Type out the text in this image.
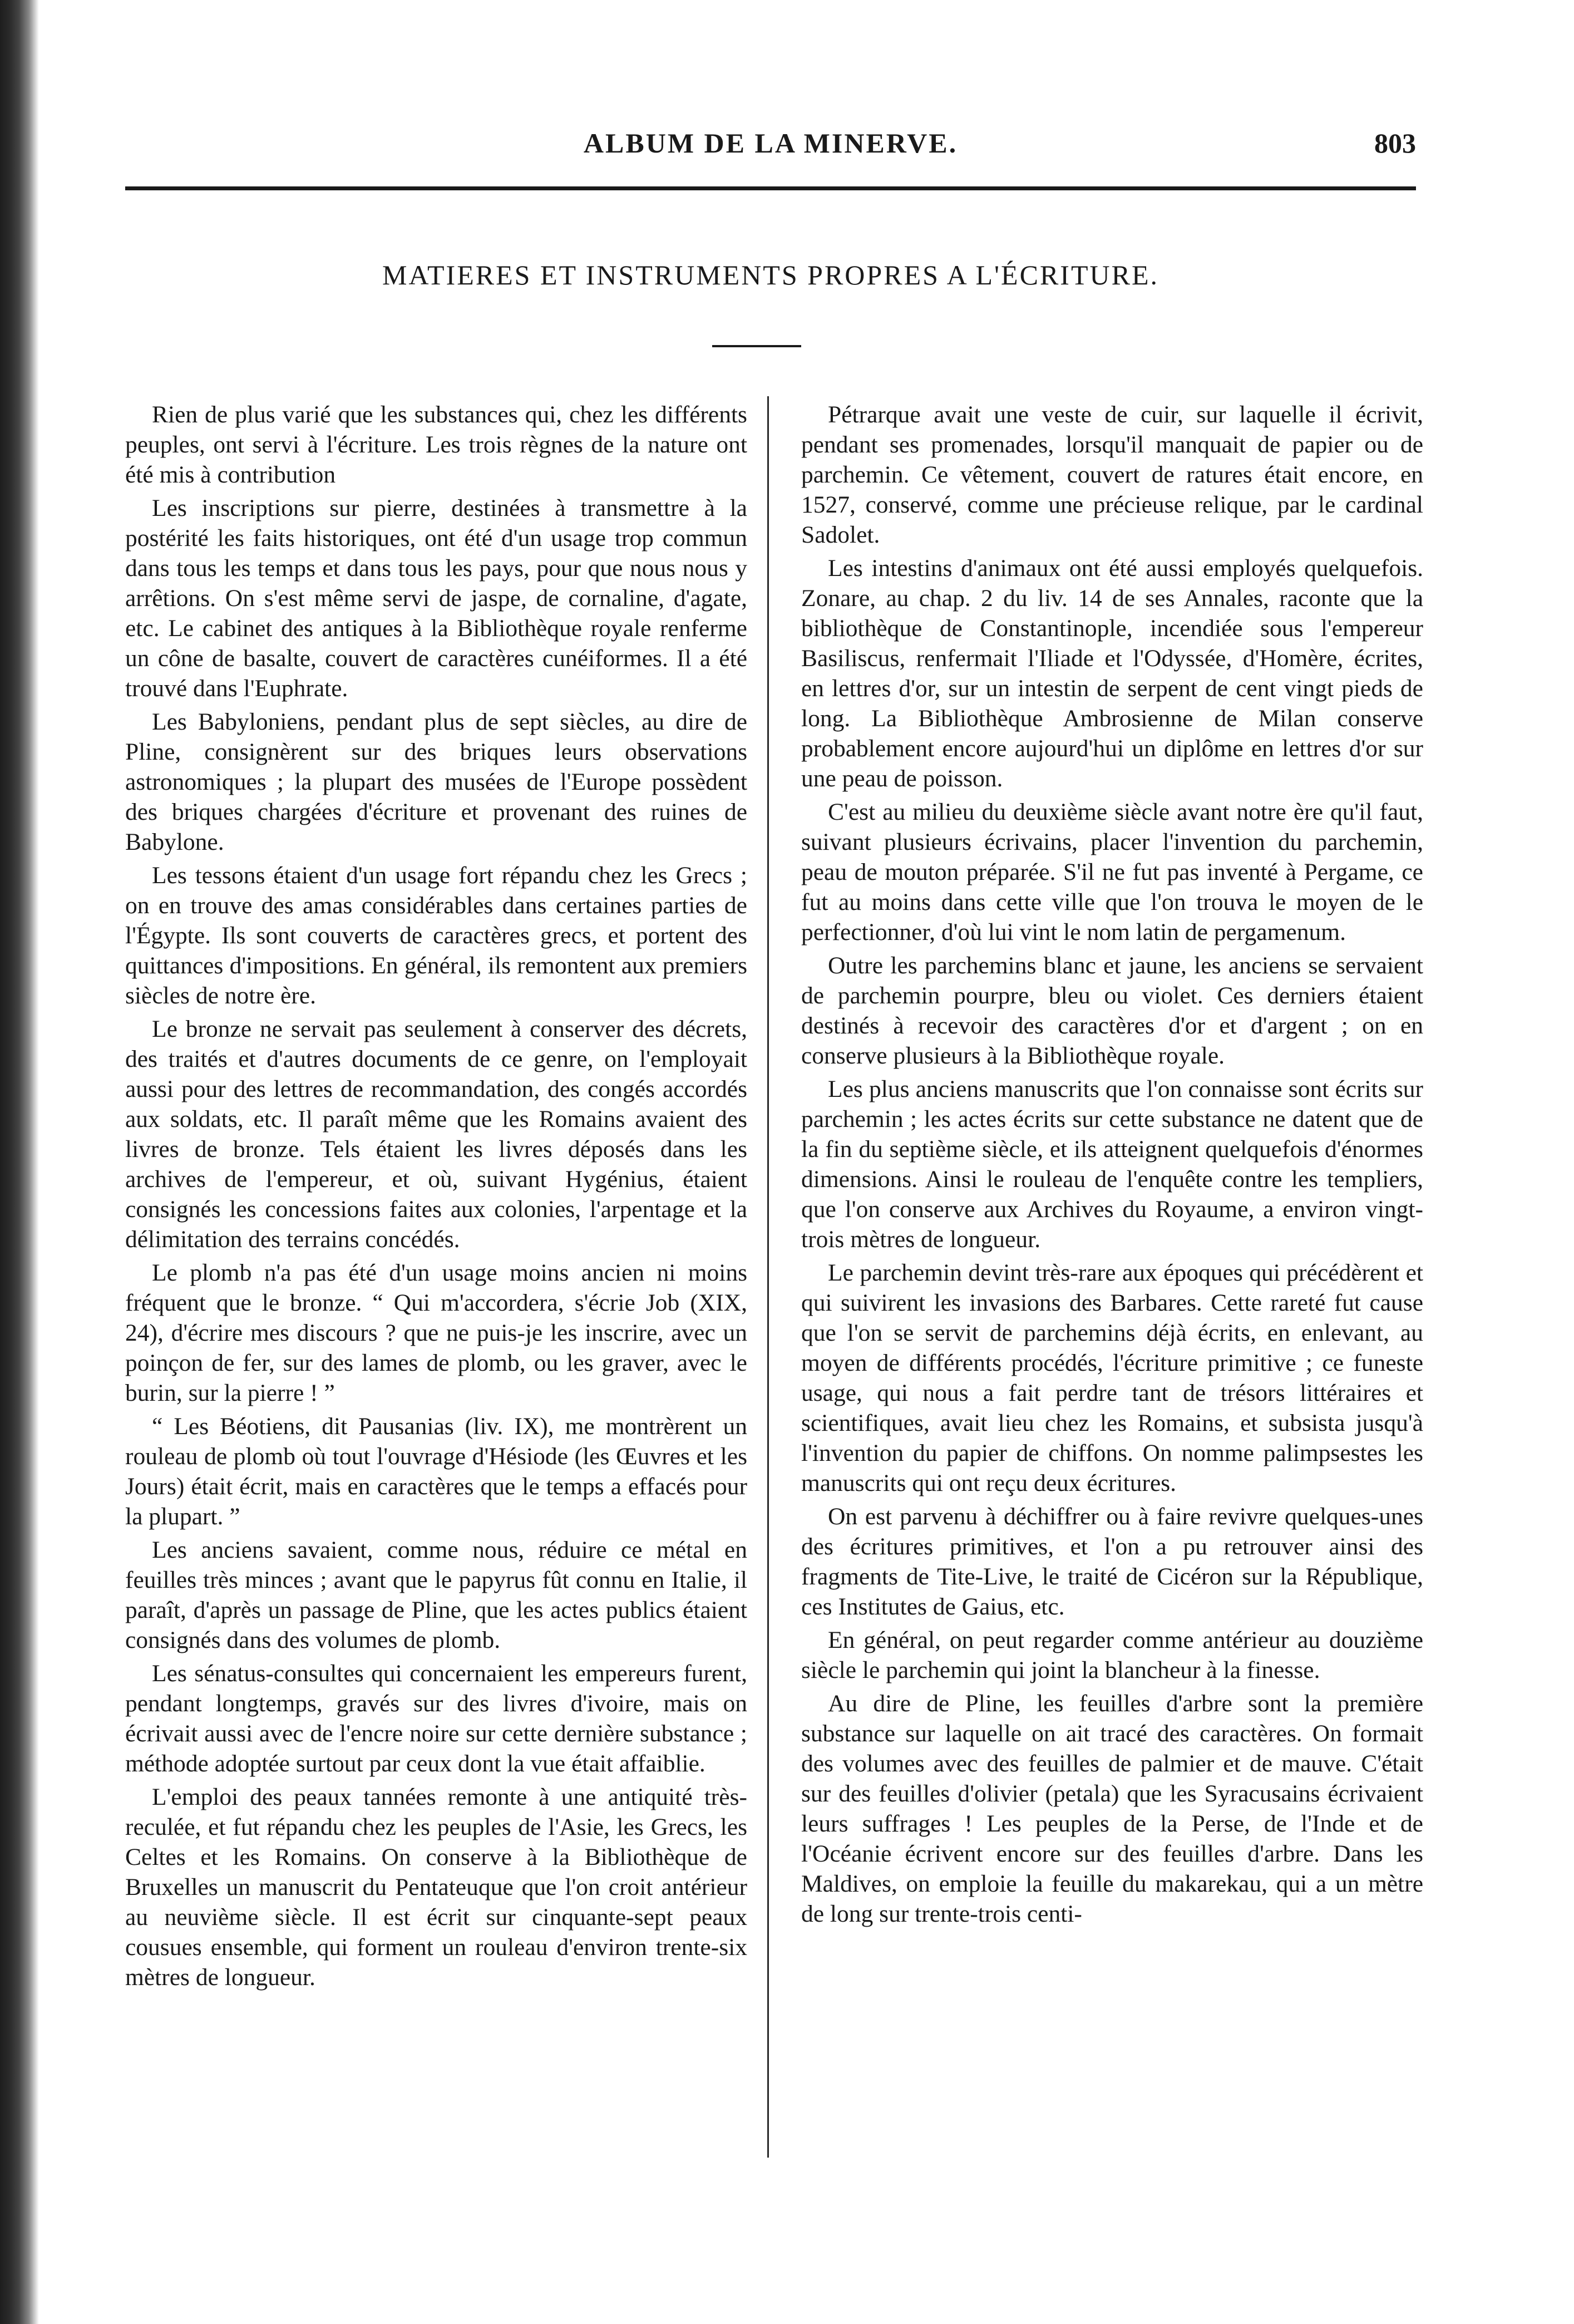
ALBUM DE LA MINERVE.	803
MATIERES ET INSTRUMENTS PROPRES A L'ÉCRITURE.

Rien de plus varié que les substances qui, chez les différents peuples, ont servi à l'écriture. Les trois règnes de la nature ont été mis à contribution

Les inscriptions sur pierre, destinées à transmettre à la postérité les faits historiques, ont été d'un usage trop commun dans tous les temps et dans tous les pays, pour que nous nous y arrêtions. On s'est même servi de jaspe, de cornaline, d'agate, etc. Le cabinet des antiques à la Bibliothèque royale renferme un cône de basalte, couvert de caractères cunéiformes. Il a été trouvé dans l'Euphrate.

Les Babyloniens, pendant plus de sept siècles, au dire de Pline, consignèrent sur des briques leurs observations astronomiques ; la plupart des musées de l'Europe possèdent des briques chargées d'écriture et provenant des ruines de Babylone.

Les tessons étaient d'un usage fort répandu chez les Grecs ; on en trouve des amas considérables dans certaines parties de l'Égypte. Ils sont couverts de caractères grecs, et portent des quittances d'impositions. En général, ils remontent aux premiers siècles de notre ère.

Le bronze ne servait pas seulement à conserver des décrets, des traités et d'autres documents de ce genre, on l'employait aussi pour des lettres de recommandation, des congés accordés aux soldats, etc. Il paraît même que les Romains avaient des livres de bronze. Tels étaient les livres déposés dans les archives de l'empereur, et où, suivant Hygénius, étaient consignés les concessions faites aux colonies, l'arpentage et la délimitation des terrains concédés.

Le plomb n'a pas été d'un usage moins ancien ni moins fréquent que le bronze. “ Qui m'accordera, s'écrie Job (XIX, 24), d'écrire mes discours ? que ne puis-je les inscrire, avec un poinçon de fer, sur des lames de plomb, ou les graver, avec le burin, sur la pierre ! ”

“ Les Béotiens, dit Pausanias (liv. IX), me montrèrent un rouleau de plomb où tout l'ouvrage d'Hésiode (les Œuvres et les Jours) était écrit, mais en caractères que le temps a effacés pour la plupart. ”

Les anciens savaient, comme nous, réduire ce métal en feuilles très minces ; avant que le papyrus fût connu en Italie, il paraît, d'après un passage de Pline, que les actes publics étaient consignés dans des volumes de plomb.

Les sénatus-consultes qui concernaient les empereurs furent, pendant longtemps, gravés sur des livres d'ivoire, mais on écrivait aussi avec de l'encre noire sur cette dernière substance ; méthode adoptée surtout par ceux dont la vue était affaiblie.

L'emploi des peaux tannées remonte à une antiquité très-reculée, et fut répandu chez les peuples de l'Asie, les Grecs, les Celtes et les Romains. On conserve à la Bibliothèque de Bruxelles un manuscrit du Pentateuque que l'on croit antérieur au neuvième siècle. Il est écrit sur cinquante-sept peaux cousues ensemble, qui forment un rouleau d'environ trente-six mètres de longueur.

Pétrarque avait une veste de cuir, sur laquelle il écrivit, pendant ses promenades, lorsqu'il manquait de papier ou de parchemin. Ce vêtement, couvert de ratures était encore, en 1527, conservé, comme une précieuse relique, par le cardinal Sadolet.

Les intestins d'animaux ont été aussi employés quelquefois. Zonare, au chap. 2 du liv. 14 de ses Annales, raconte que la bibliothèque de Constantinople, incendiée sous l'empereur Basiliscus, renfermait l'Iliade et l'Odyssée, d'Homère, écrites, en lettres d'or, sur un intestin de serpent de cent vingt pieds de long. La Bibliothèque Ambrosienne de Milan conserve probablement encore aujourd'hui un diplôme en lettres d'or sur une peau de poisson.

C'est au milieu du deuxième siècle avant notre ère qu'il faut, suivant plusieurs écrivains, placer l'invention du parchemin, peau de mouton préparée. S'il ne fut pas inventé à Pergame, ce fut au moins dans cette ville que l'on trouva le moyen de le perfectionner, d'où lui vint le nom latin de pergamenum.

Outre les parchemins blanc et jaune, les anciens se servaient de parchemin pourpre, bleu ou violet. Ces derniers étaient destinés à recevoir des caractères d'or et d'argent ; on en conserve plusieurs à la Bibliothèque royale.

Les plus anciens manuscrits que l'on connaisse sont écrits sur parchemin ; les actes écrits sur cette substance ne datent que de la fin du septième siècle, et ils atteignent quelquefois d'énormes dimensions. Ainsi le rouleau de l'enquête contre les templiers, que l'on conserve aux Archives du Royaume, a environ vingt-trois mètres de longueur.

Le parchemin devint très-rare aux époques qui précédèrent et qui suivirent les invasions des Barbares. Cette rareté fut cause que l'on se servit de parchemins déjà écrits, en enlevant, au moyen de différents procédés, l'écriture primitive ; ce funeste usage, qui nous a fait perdre tant de trésors littéraires et scientifiques, avait lieu chez les Romains, et subsista jusqu'à l'invention du papier de chiffons. On nomme palimpsestes les manuscrits qui ont reçu deux écritures.

On est parvenu à déchiffrer ou à faire revivre quelques-unes des écritures primitives, et l'on a pu retrouver ainsi des fragments de Tite-Live, le traité de Cicéron sur la République, ces Institutes de Gaius, etc.

En général, on peut regarder comme antérieur au douzième siècle le parchemin qui joint la blancheur à la finesse.

Au dire de Pline, les feuilles d'arbre sont la première substance sur laquelle on ait tracé des caractères. On formait des volumes avec des feuilles de palmier et de mauve. C'était sur des feuilles d'olivier (petala) que les Syracusains écrivaient leurs suffrages ! Les peuples de la Perse, de l'Inde et de l'Océanie écrivent encore sur des feuilles d'arbre. Dans les Maldives, on emploie la feuille du makarekau, qui a un mètre de long sur trente-trois centi-
